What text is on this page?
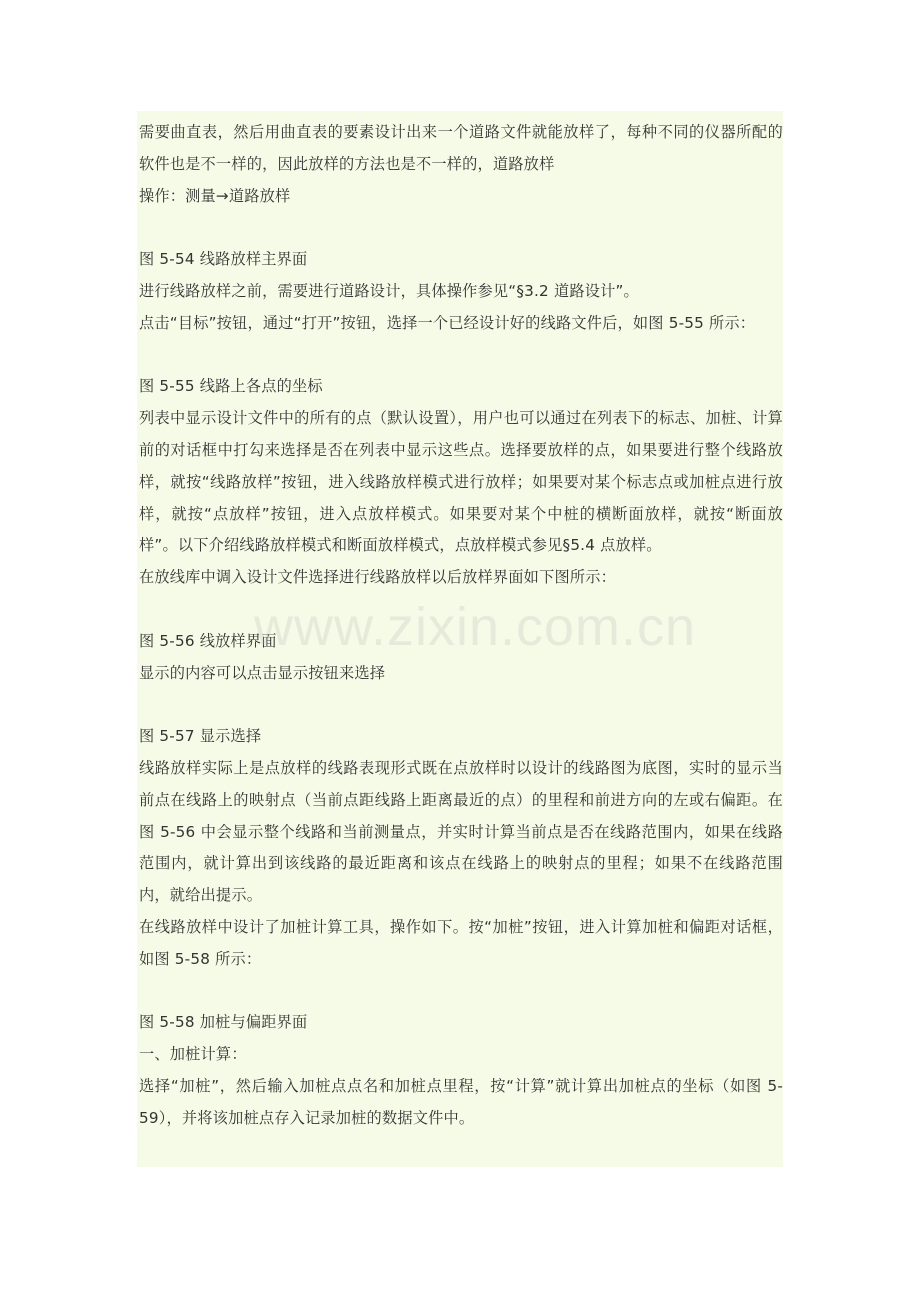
需要曲直表，然后用曲直表的要素设计出来一个道路文件就能放样了，每种不同的仪器所配的软件也是不一样的，因此放样的方法也是不一样的，道路放样

操作：测量→道路放样

图 5-54 线路放样主界面

进行线路放样之前，需要进行道路设计，具体操作参见“§3.2 道路设计”。

点击“目标”按钮，通过“打开”按钮，选择一个已经设计好的线路文件后，如图 5-55 所示：

图 5-55 线路上各点的坐标

列表中显示设计文件中的所有的点（默认设置），用户也可以通过在列表下的标志、加桩、计算前的对话框中打勾来选择是否在列表中显示这些点。选择要放样的点，如果要进行整个线路放样，就按“线路放样”按钮，进入线路放样模式进行放样；如果要对某个标志点或加桩点进行放样，就按“点放样”按钮，进入点放样模式。如果要对某个中桩的横断面放样，就按“断面放样”。以下介绍线路放样模式和断面放样模式，点放样模式参见§5.4 点放样。

在放线库中调入设计文件选择进行线路放样以后放样界面如下图所示：

图 5-56 线放样界面

显示的内容可以点击显示按钮来选择

图 5-57 显示选择

线路放样实际上是点放样的线路表现形式既在点放样时以设计的线路图为底图，实时的显示当前点在线路上的映射点（当前点距线路上距离最近的点）的里程和前进方向的左或右偏距。在图 5-56 中会显示整个线路和当前测量点，并实时计算当前点是否在线路范围内，如果在线路范围内，就计算出到该线路的最近距离和该点在线路上的映射点的里程；如果不在线路范围内，就给出提示。

在线路放样中设计了加桩计算工具，操作如下。按“加桩”按钮，进入计算加桩和偏距对话框，如图 5-58 所示：

图 5-58 加桩与偏距界面

一、加桩计算：

选择“加桩”，然后输入加桩点点名和加桩点里程，按“计算”就计算出加桩点的坐标（如图 5-59），并将该加桩点存入记录加桩的数据文件中。

www.zixin.com.cn
